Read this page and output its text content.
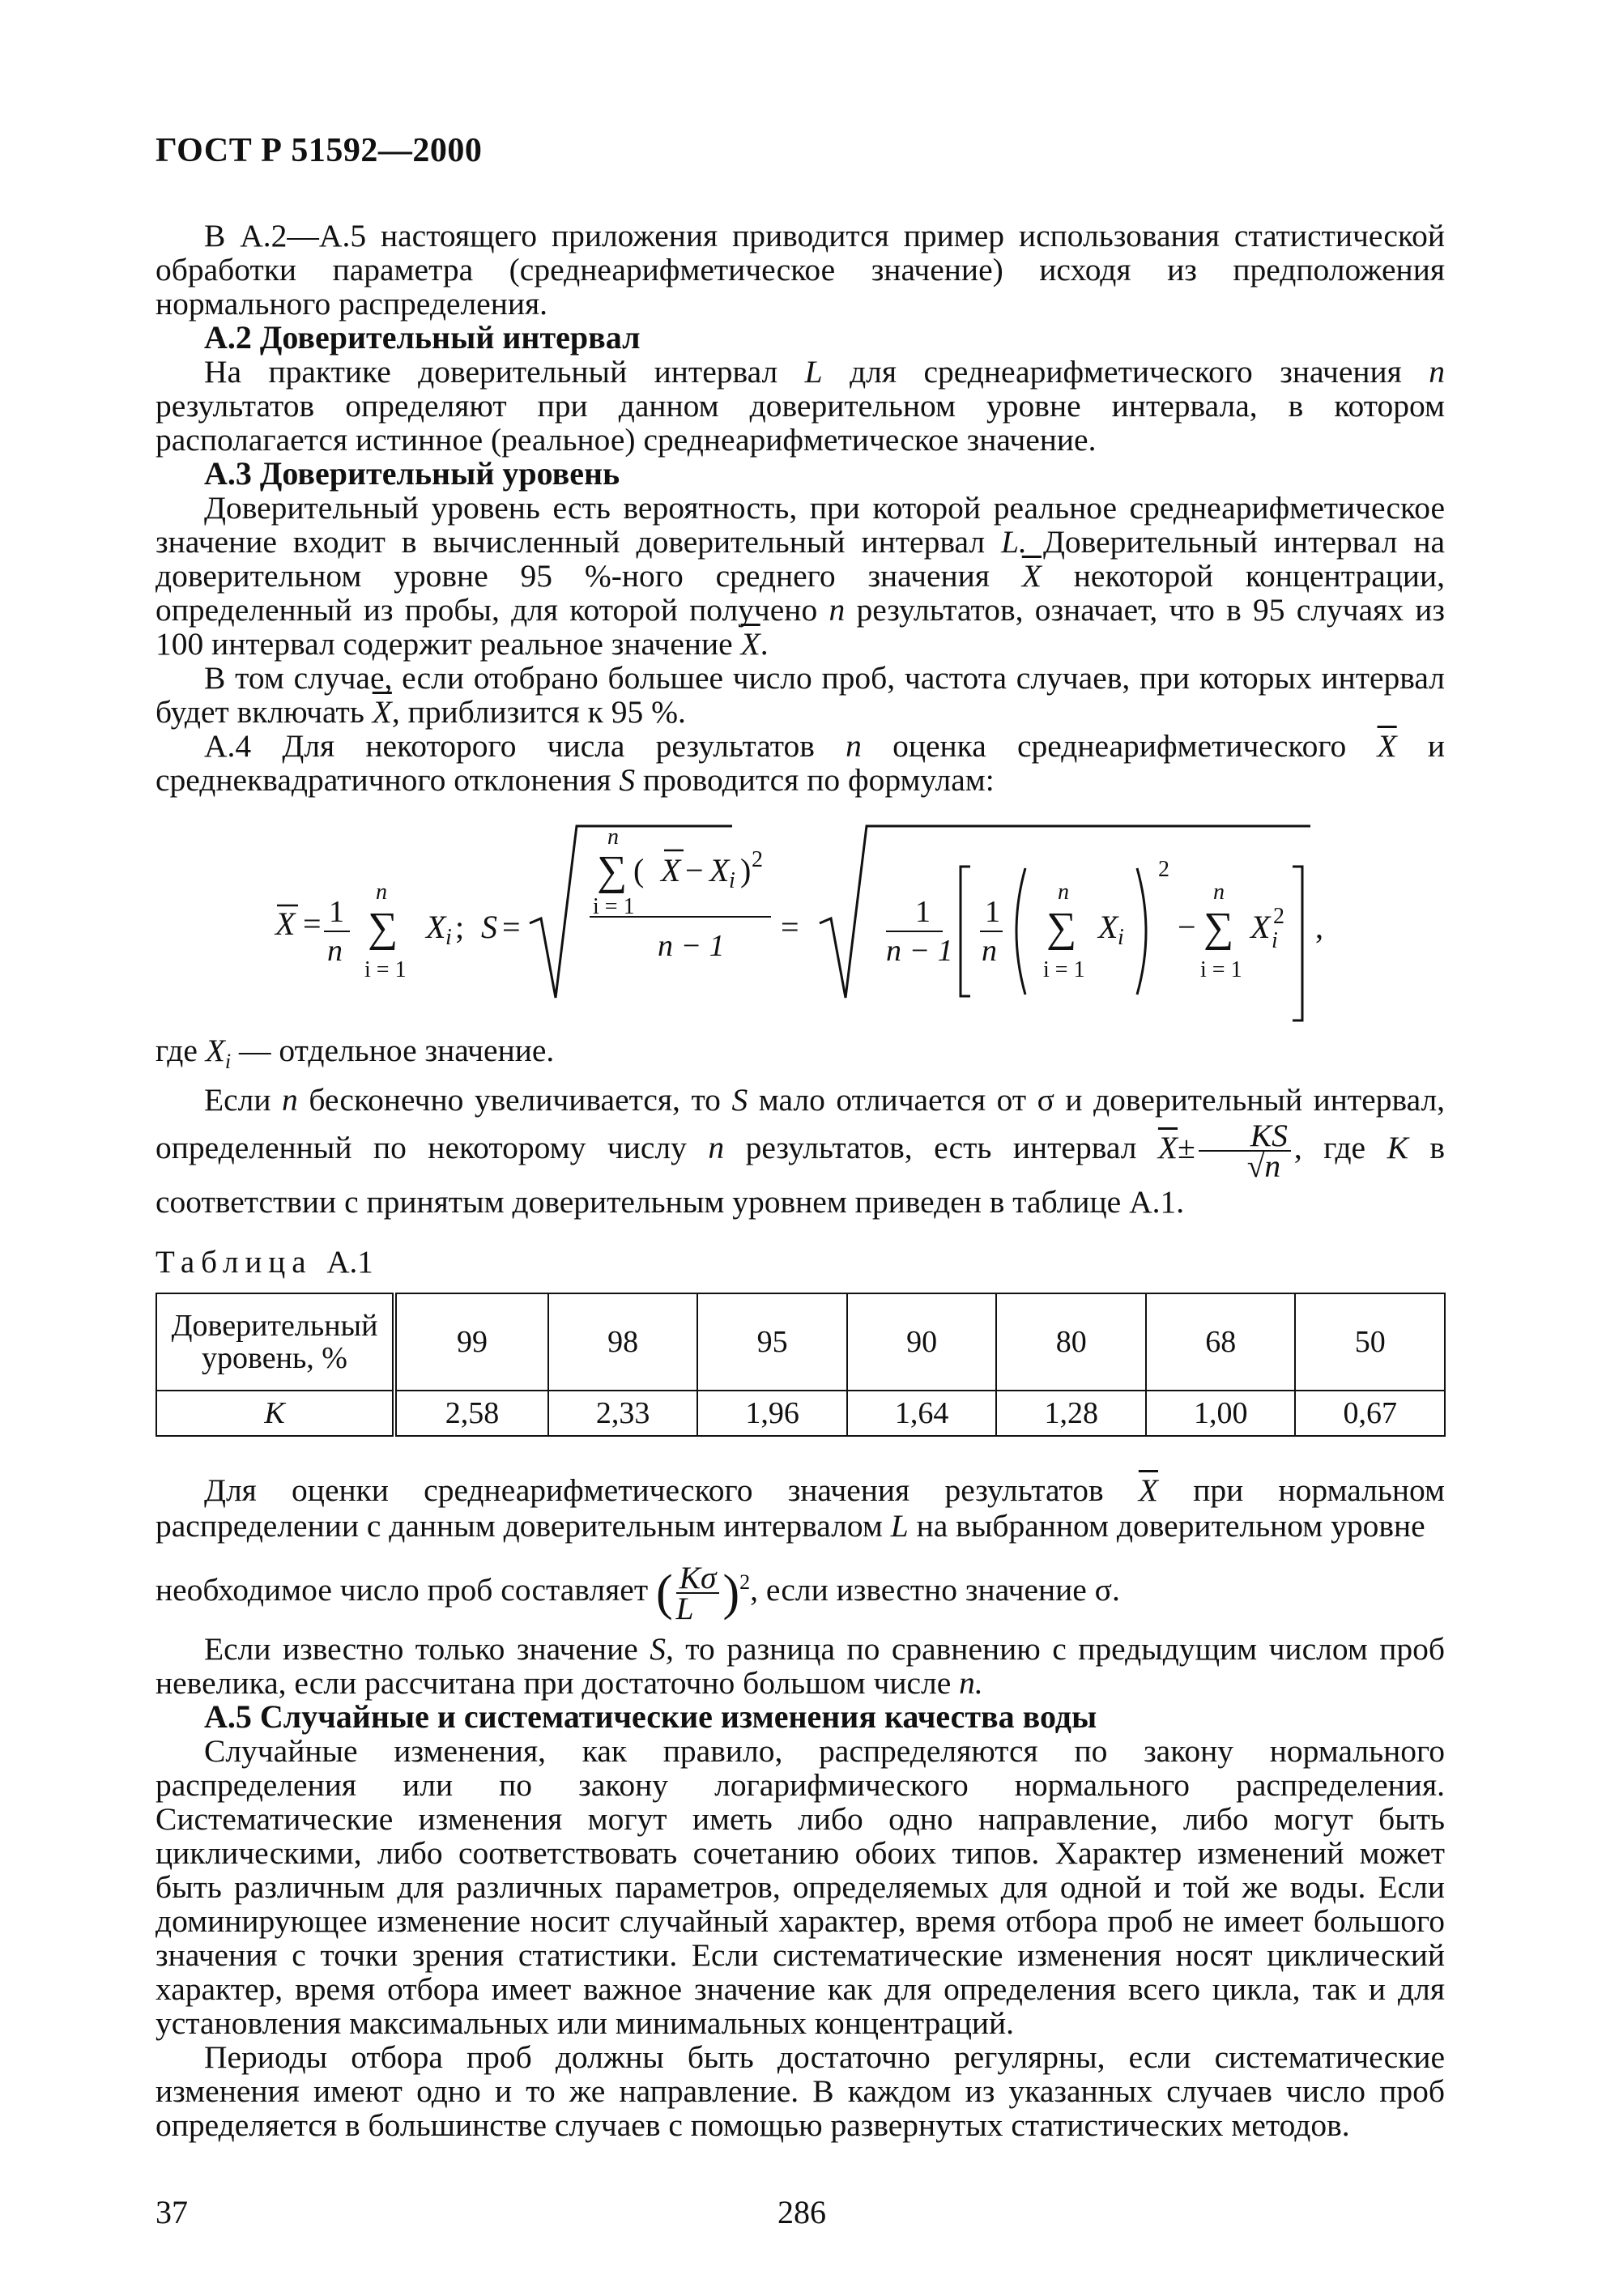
ГОСТ Р 51592—2000

В А.2—А.5 настоящего приложения приводится пример использования статистической обработки параметра (среднеарифметическое значение) исходя из предположения нормального распределения.

А.2 Доверительный интервал

На практике доверительный интервал L для среднеарифметического значения n результатов определяют при данном доверительном уровне интервала, в котором располагается истинное (реальное) среднеарифметическое значение.

А.3 Доверительный уровень

Доверительный уровень есть вероятность, при которой реальное среднеарифметическое значение входит в вычисленный доверительный интервал L. Доверительный интервал на доверительном уровне 95 %-ного среднего значения $\overline{X}$ некоторой концентрации, определенный из пробы, для которой получено n результатов, означает, что в 95 случаях из 100 интервал содержит реальное значение $\overline{X}$.

В том случае, если отобрано большее число проб, частота случаев, при которых интервал будет включать $\overline{X}$, приблизится к 95 %.

А.4 Для некоторого числа результатов n оценка среднеарифметического $\overline{X}$ и среднеквадратичного отклонения S проводится по формулам:

X = 1
n
n
∑
i = 1
X i ; S =
n
∑ ( X − X i ) 2
i = 1
n − 1
=	1
n − 1
1
n
n
∑
i = 1
X i
2
−
n
∑
i = 1
X 2
i ,

где $X_i$ — отдельное значение.

Если n бесконечно увеличивается, то S мало отличается от σ и доверительный интервал, определенный по некоторому числу n результатов, есть интервал $\overline{X}\pm \frac{KS}{√n}$ , где K в соответствии с принятым доверительным уровнем приведен в таблице А.1.

Таблица А.1
Доверительный уровень, %	99	98	95	90	80	68	50
K	2,58	2,33	1,96	1,64	1,28	1,00	0,67

Для оценки среднеарифметического значения результатов $\overline{X}$ при нормальном распределении с данным доверительным интервалом L на выбранном доверительном уровне

необходимое число проб составляет ( $\frac{K\sigma}{L} )^2$, если известно значение σ.

Если известно только значение S, то разница по сравнению с предыдущим числом проб невелика, если рассчитана при достаточно большом числе n.

А.5 Случайные и систематические изменения качества воды

Случайные изменения, как правило, распределяются по закону нормального распределения или по закону логарифмического нормального распределения. Систематические изменения могут иметь либо одно направление, либо могут быть циклическими, либо соответствовать сочетанию обоих типов. Характер изменений может быть различным для различных параметров, определяемых для одной и той же воды. Если доминирующее изменение носит случайный характер, время отбора проб не имеет большого значения с точки зрения статистики. Если систематические изменения носят циклический характер, время отбора имеет важное значение как для определения всего цикла, так и для установления максимальных или минимальных концентраций.

Периоды отбора проб должны быть достаточно регулярны, если систематические изменения имеют одно и то же направление. В каждом из указанных случаев число проб определяется в большинстве случаев с помощью развернутых статистических методов.

37	286
